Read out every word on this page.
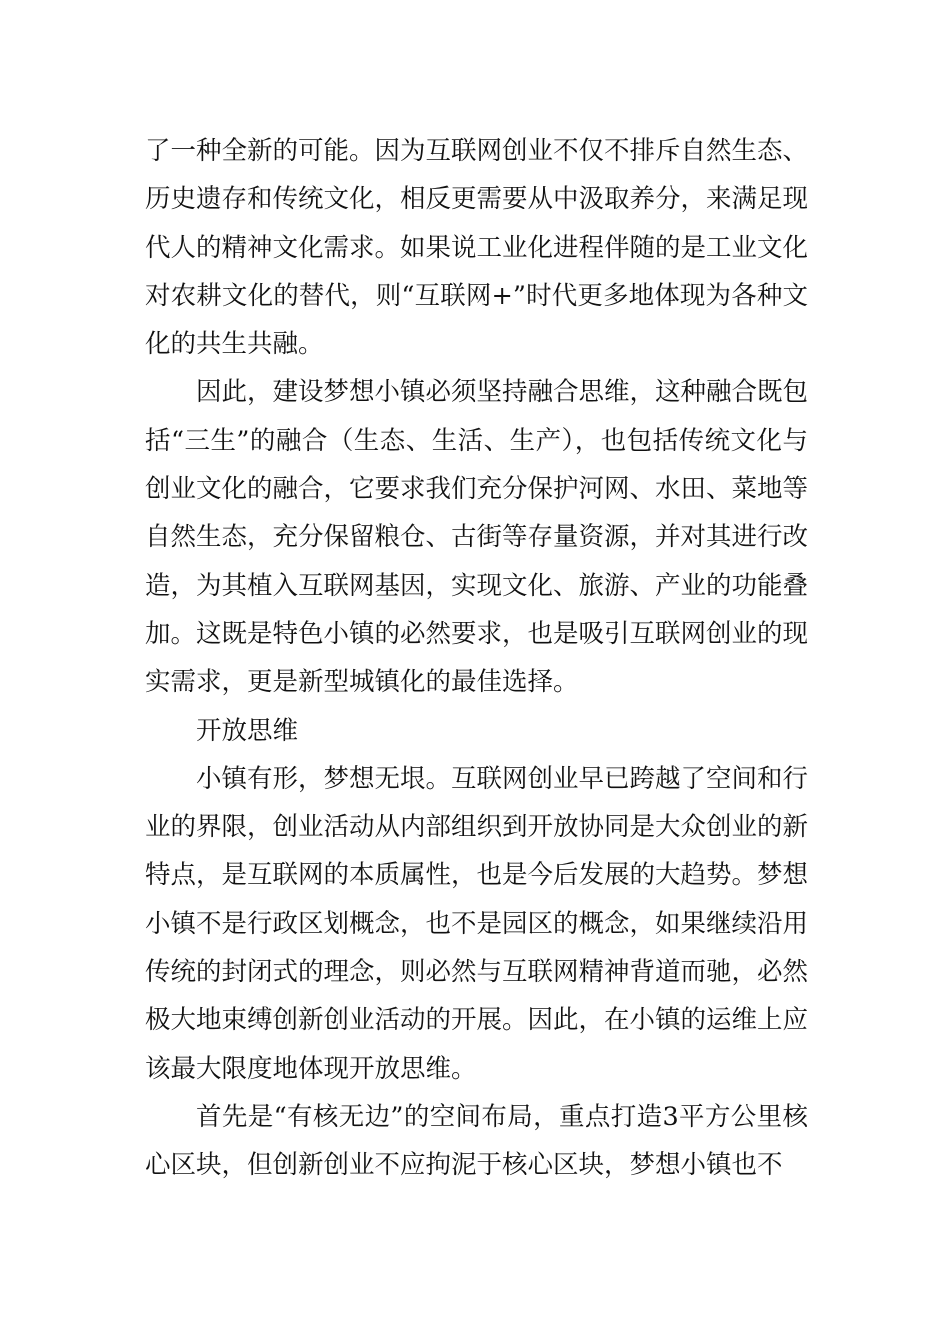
了一种全新的可能。因为互联网创业不仅不排斥自然生态、历史遗存和传统文化，相反更需要从中汲取养分，来满足现代人的精神文化需求。如果说工业化进程伴随的是工业文化对农耕文化的替代，则“互联网+”时代更多地体现为各种文化的共生共融。

因此，建设梦想小镇必须坚持融合思维，这种融合既包括“三生”的融合（生态、生活、生产），也包括传统文化与创业文化的融合，它要求我们充分保护河网、水田、菜地等自然生态，充分保留粮仓、古街等存量资源，并对其进行改造，为其植入互联网基因，实现文化、旅游、产业的功能叠加。这既是特色小镇的必然要求，也是吸引互联网创业的现实需求，更是新型城镇化的最佳选择。

开放思维

小镇有形，梦想无垠。互联网创业早已跨越了空间和行业的界限，创业活动从内部组织到开放协同是大众创业的新特点，是互联网的本质属性，也是今后发展的大趋势。梦想小镇不是行政区划概念，也不是园区的概念，如果继续沿用传统的封闭式的理念，则必然与互联网精神背道而驰，必然极大地束缚创新创业活动的开展。因此，在小镇的运维上应该最大限度地体现开放思维。

首先是“有核无边”的空间布局，重点打造3平方公里核心区块，但创新创业不应拘泥于核心区块，梦想小镇也不
